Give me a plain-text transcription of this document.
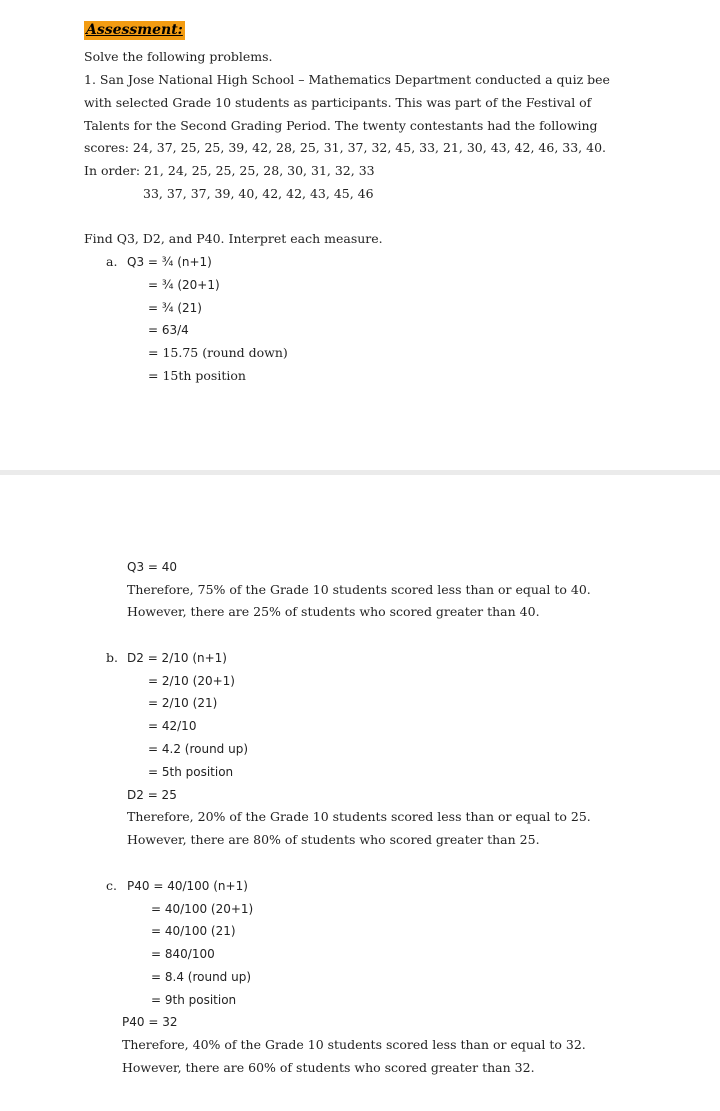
Assessment:
Solve the following problems.
1. San Jose National High School – Mathematics Department conducted a quiz bee
with selected Grade 10 students as participants. This was part of the Festival of
Talents for the Second Grading Period. The twenty contestants had the following
scores: 24, 37, 25, 25, 39, 42, 28, 25, 31, 37, 32, 45, 33, 21, 30, 43, 42, 46, 33, 40.
In order: 21, 24, 25, 25, 25, 28, 30, 31, 32, 33
33, 37, 37, 39, 40, 42, 42, 43, 45, 46
Find Q3, D2, and P40. Interpret each measure.
a. Q3 = ¾ (n+1)
= ¾ (20+1)
= ¾ (21)
= 63/4
= 15.75 (round down)
= 15th position
Q3 = 40
Therefore, 75% of the Grade 10 students scored less than or equal to 40.
However, there are 25% of students who scored greater than 40.
b. D2 = 2/10 (n+1)
= 2/10 (20+1)
= 2/10 (21)
= 42/10
= 4.2 (round up)
= 5th position
D2 = 25
Therefore, 20% of the Grade 10 students scored less than or equal to 25.
However, there are 80% of students who scored greater than 25.
c. P40 = 40/100 (n+1)
= 40/100 (20+1)
= 40/100 (21)
= 840/100
= 8.4 (round up)
= 9th position
P40 = 32
Therefore, 40% of the Grade 10 students scored less than or equal to 32.
However, there are 60% of students who scored greater than 32.
